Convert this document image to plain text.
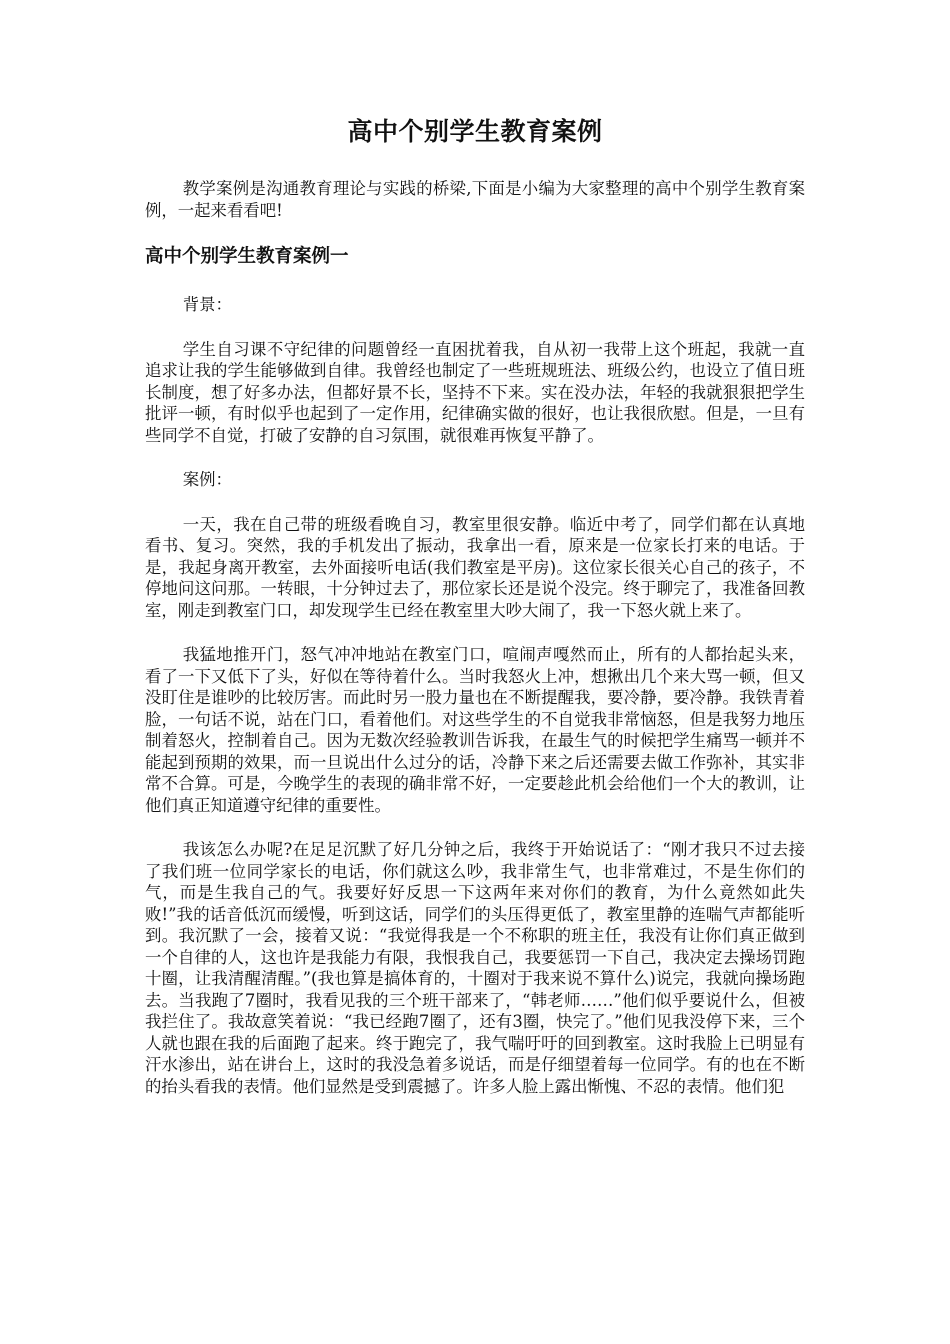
高中个别学生教育案例

教学案例是沟通教育理论与实践的桥梁,下面是小编为大家整理的高中个别学生教育案例，一起来看看吧!

高中个别学生教育案例一

背景：

学生自习课不守纪律的问题曾经一直困扰着我，自从初一我带上这个班起，我就一直追求让我的学生能够做到自律。我曾经也制定了一些班规班法、班级公约，也设立了值日班长制度，想了好多办法，但都好景不长，坚持不下来。实在没办法，年轻的我就狠狠把学生批评一顿，有时似乎也起到了一定作用，纪律确实做的很好，也让我很欣慰。但是，一旦有些同学不自觉，打破了安静的自习氛围，就很难再恢复平静了。

案例：

一天，我在自己带的班级看晚自习，教室里很安静。临近中考了，同学们都在认真地看书、复习。突然，我的手机发出了振动，我拿出一看，原来是一位家长打来的电话。于是，我起身离开教室，去外面接听电话(我们教室是平房)。这位家长很关心自己的孩子，不停地问这问那。一转眼，十分钟过去了，那位家长还是说个没完。终于聊完了，我准备回教室，刚走到教室门口，却发现学生已经在教室里大吵大闹了，我一下怒火就上来了。

我猛地推开门，怒气冲冲地站在教室门口，喧闹声嘎然而止，所有的人都抬起头来，看了一下又低下了头，好似在等待着什么。当时我怒火上冲，想揪出几个来大骂一顿，但又没盯住是谁吵的比较厉害。而此时另一股力量也在不断提醒我，要冷静，要冷静。我铁青着脸，一句话不说，站在门口，看着他们。对这些学生的不自觉我非常恼怒，但是我努力地压制着怒火，控制着自己。因为无数次经验教训告诉我，在最生气的时候把学生痛骂一顿并不能起到预期的效果，而一旦说出什么过分的话，冷静下来之后还需要去做工作弥补，其实非常不合算。可是，今晚学生的表现的确非常不好，一定要趁此机会给他们一个大的教训，让他们真正知道遵守纪律的重要性。

我该怎么办呢?在足足沉默了好几分钟之后，我终于开始说话了：“刚才我只不过去接了我们班一位同学家长的电话，你们就这么吵，我非常生气，也非常难过，不是生你们的气，而是生我自己的气。我要好好反思一下这两年来对你们的教育，为什么竟然如此失败!”我的话音低沉而缓慢，听到这话，同学们的头压得更低了，教室里静的连喘气声都能听到。我沉默了一会，接着又说：“我觉得我是一个不称职的班主任，我没有让你们真正做到一个自律的人，这也许是我能力有限，我恨我自己，我要惩罚一下自己，我决定去操场罚跑十圈，让我清醒清醒。”(我也算是搞体育的，十圈对于我来说不算什么)说完，我就向操场跑去。当我跑了7圈时，我看见我的三个班干部来了，“韩老师……”他们似乎要说什么，但被我拦住了。我故意笑着说：“我已经跑7圈了，还有3圈，快完了。”他们见我没停下来，三个人就也跟在我的后面跑了起来。终于跑完了，我气喘吁吁的回到教室。这时我脸上已明显有汗水渗出，站在讲台上，这时的我没急着多说话，而是仔细望着每一位同学。有的也在不断的抬头看我的表情。他们显然是受到震撼了。许多人脸上露出惭愧、不忍的表情。他们犯
